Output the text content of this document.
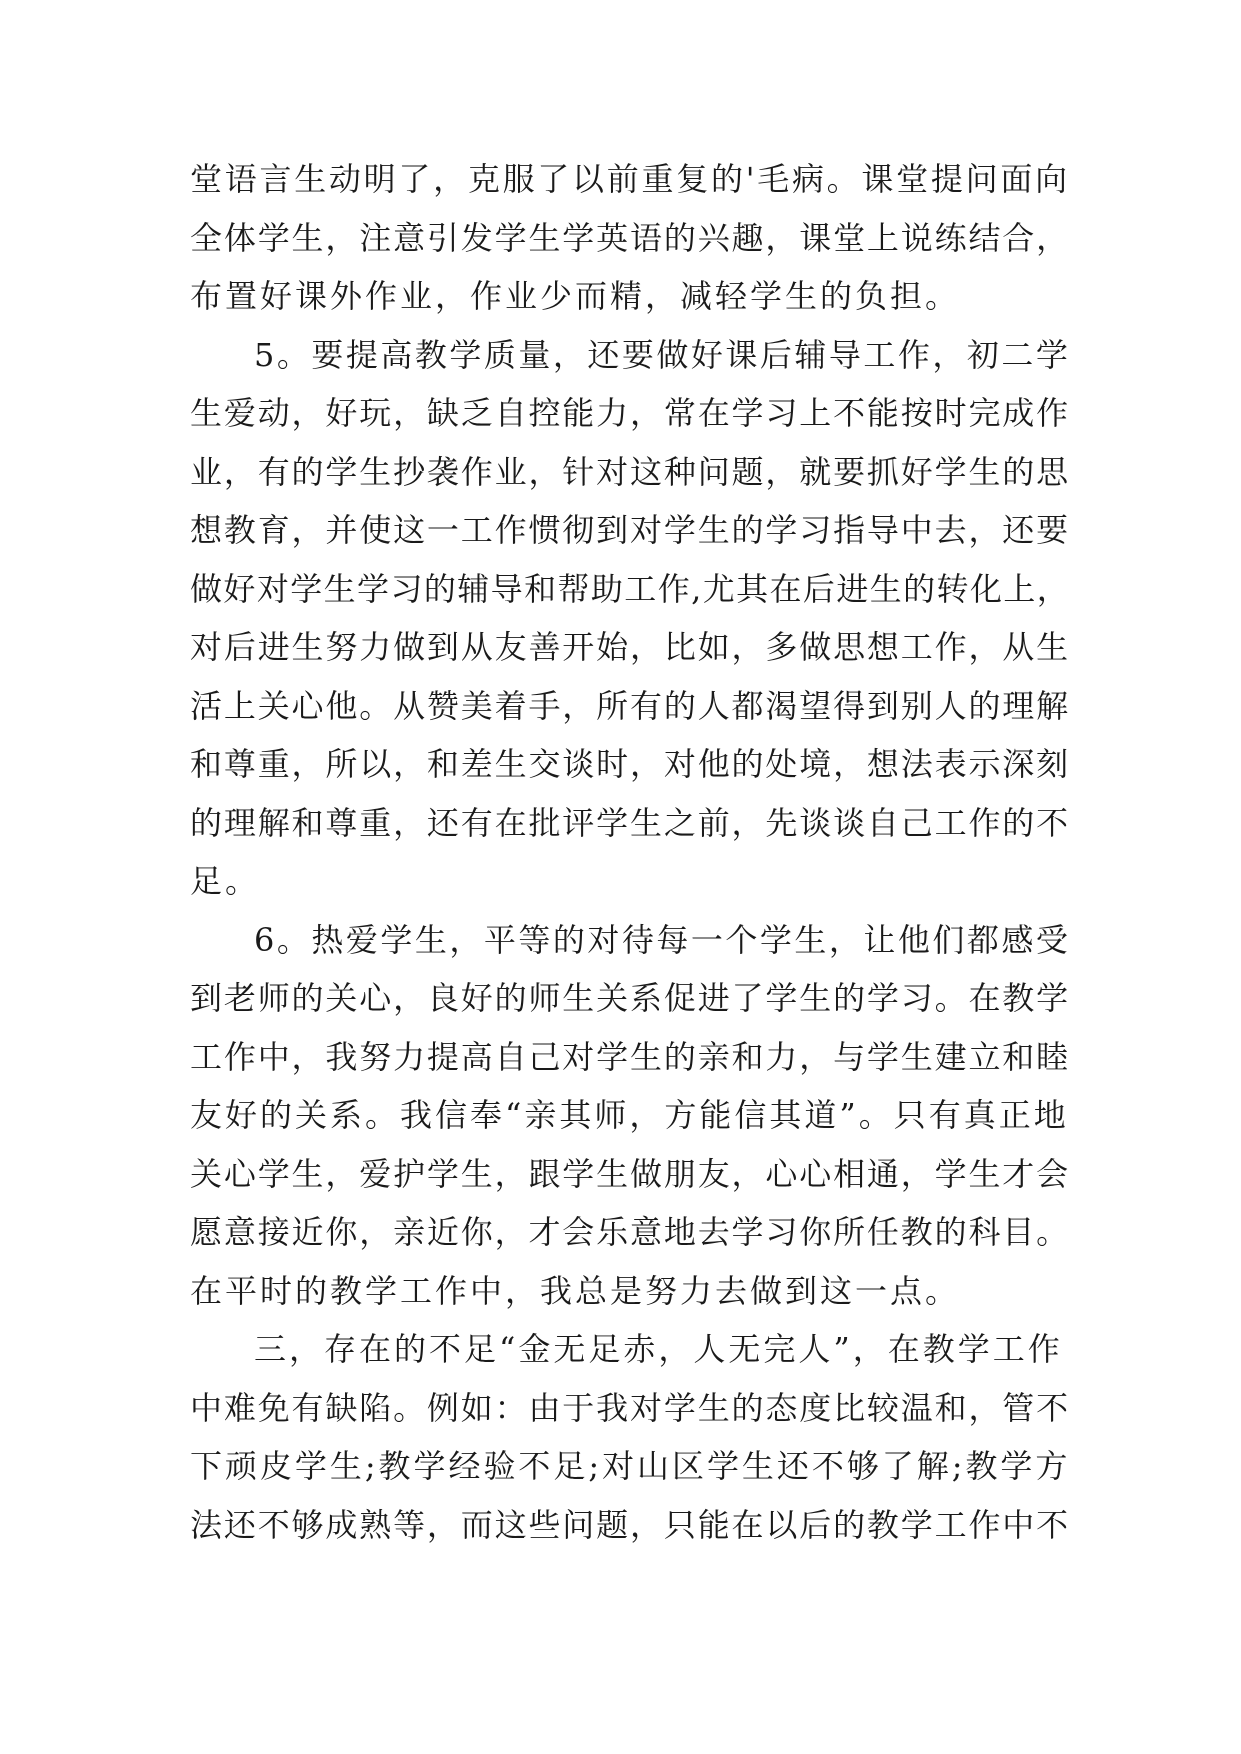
堂语言生动明了，克服了以前重复的'毛病。课堂提问面向
全体学生，注意引发学生学英语的兴趣，课堂上说练结合，
布置好课外作业，作业少而精，减轻学生的负担。
5。要提高教学质量，还要做好课后辅导工作，初二学
生爱动，好玩，缺乏自控能力，常在学习上不能按时完成作
业，有的学生抄袭作业，针对这种问题，就要抓好学生的思
想教育，并使这一工作惯彻到对学生的学习指导中去，还要
做好对学生学习的辅导和帮助工作,尤其在后进生的转化上，
对后进生努力做到从友善开始，比如，多做思想工作，从生
活上关心他。从赞美着手，所有的人都渴望得到别人的理解
和尊重，所以，和差生交谈时，对他的处境，想法表示深刻
的理解和尊重，还有在批评学生之前，先谈谈自己工作的不
足。
6。热爱学生，平等的对待每一个学生，让他们都感受
到老师的关心，良好的师生关系促进了学生的学习。在教学
工作中，我努力提高自己对学生的亲和力，与学生建立和睦
友好的关系。我信奉“亲其师，方能信其道”。只有真正地
关心学生，爱护学生，跟学生做朋友，心心相通，学生才会
愿意接近你，亲近你，才会乐意地去学习你所任教的科目。
在平时的教学工作中，我总是努力去做到这一点。
三，存在的不足“金无足赤，人无完人”，在教学工作
中难免有缺陷。例如：由于我对学生的态度比较温和，管不
下顽皮学生;教学经验不足;对山区学生还不够了解;教学方
法还不够成熟等，而这些问题，只能在以后的教学工作中不
